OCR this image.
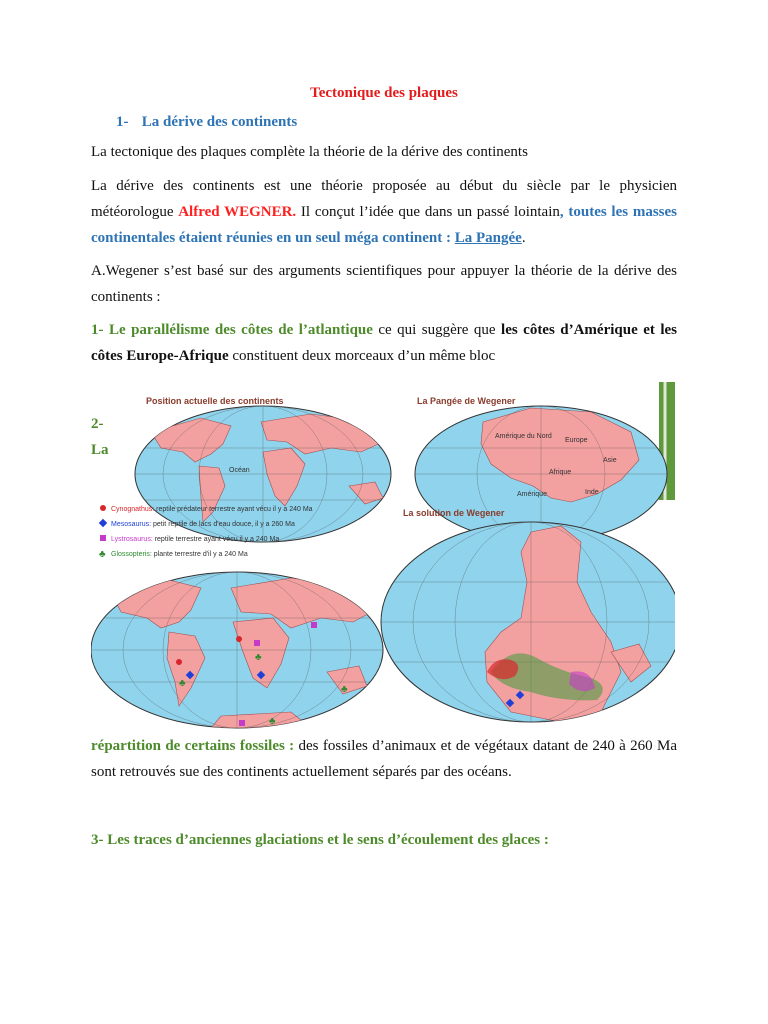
Tectonique des plaques
1- La dérive des continents
La tectonique des plaques complète la théorie de la dérive des continents
La dérive des continents est une théorie proposée au début du siècle par le physicien météorologue Alfred WEGNER. Il conçut l’idée que dans un passé lointain, toutes les masses continentales étaient réunies en un seul méga continent : La Pangée.
A.Wegener s’est basé sur des arguments scientifiques pour appuyer la théorie de la dérive des continents :
1- Le parallélisme des côtes de l’atlantique ce qui suggère que les côtes d’Amérique et les côtes Europe-Afrique constituent deux morceaux d’un même bloc
2-
La
Position actuelle des continents
Océan
La Pangée de Wegener
Amérique du Nord
Europe
Asie
Afrique
Amérique	Inde
Cynognathus: reptile prédateur terrestre ayant vécu il y a 240 Ma
Mesosaurus: petit reptile de lacs d'eau douce, il y a 260 Ma
Lystrosaurus: reptile terrestre ayant vécu il y a 240 Ma
♣ Glossopteris: plante terrestre d'il y a 240 Ma
♣
♣
♣
♣
La solution de Wegener
répartition de certains fossiles : des fossiles d’animaux et de végétaux datant de 240 à 260 Ma sont retrouvés sue des continents actuellement séparés par des océans.
3- Les traces d’anciennes glaciations et le sens d’écoulement des glaces :
